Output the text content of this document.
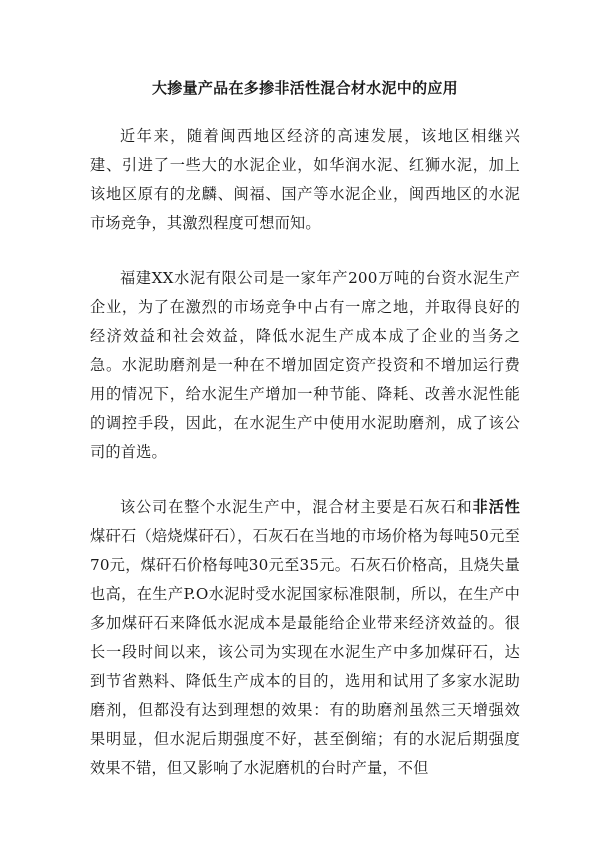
大掺量产品在多掺非活性混合材水泥中的应用

近年来，随着闽西地区经济的高速发展，该地区相继兴建、引进了一些大的水泥企业，如华润水泥、红狮水泥，加上该地区原有的龙麟、闽福、国产等水泥企业，闽西地区的水泥市场竞争，其激烈程度可想而知。

福建XX水泥有限公司是一家年产200万吨的台资水泥生产企业，为了在激烈的市场竞争中占有一席之地，并取得良好的经济效益和社会效益，降低水泥生产成本成了企业的当务之急。水泥助磨剂是一种在不增加固定资产投资和不增加运行费用的情况下，给水泥生产增加一种节能、降耗、改善水泥性能的调控手段，因此，在水泥生产中使用水泥助磨剂，成了该公司的首选。

该公司在整个水泥生产中，混合材主要是石灰石和非活性煤矸石（焙烧煤矸石），石灰石在当地的市场价格为每吨50元至70元，煤矸石价格每吨30元至35元。石灰石价格高，且烧失量也高，在生产P.O水泥时受水泥国家标准限制，所以，在生产中多加煤矸石来降低水泥成本是最能给企业带来经济效益的。很长一段时间以来，该公司为实现在水泥生产中多加煤矸石，达到节省熟料、降低生产成本的目的，选用和试用了多家水泥助磨剂，但都没有达到理想的效果：有的助磨剂虽然三天增强效果明显，但水泥后期强度不好，甚至倒缩；有的水泥后期强度效果不错，但又影响了水泥磨机的台时产量，不但
